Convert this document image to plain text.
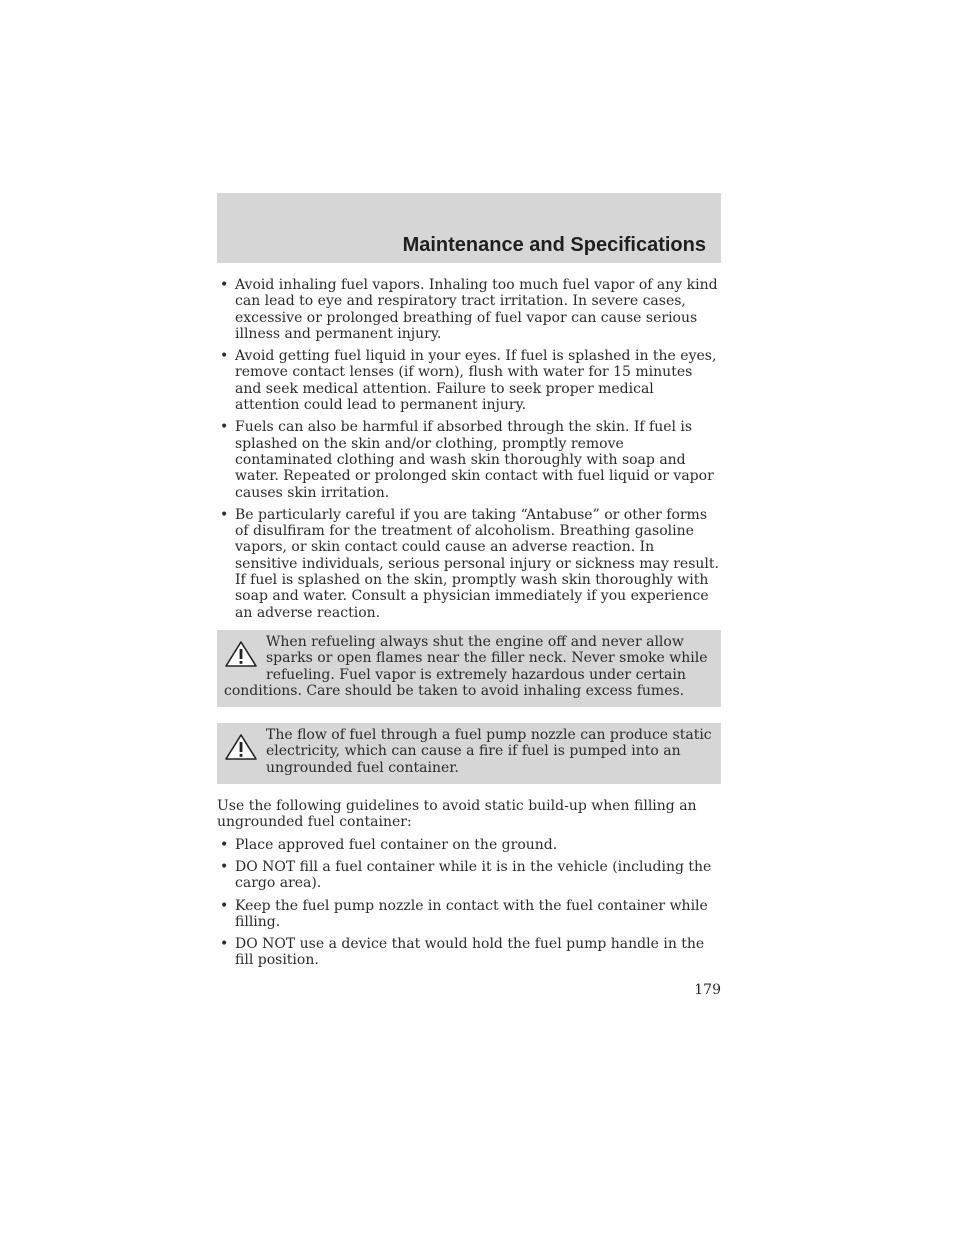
Maintenance and Specifications
• Avoid inhaling fuel vapors. Inhaling too much fuel vapor of any kind can lead to eye and respiratory tract irritation. In severe cases, excessive or prolonged breathing of fuel vapor can cause serious illness and permanent injury.
• Avoid getting fuel liquid in your eyes. If fuel is splashed in the eyes, remove contact lenses (if worn), flush with water for 15 minutes and seek medical attention. Failure to seek proper medical attention could lead to permanent injury.
• Fuels can also be harmful if absorbed through the skin. If fuel is splashed on the skin and/or clothing, promptly remove contaminated clothing and wash skin thoroughly with soap and water. Repeated or prolonged skin contact with fuel liquid or vapor causes skin irritation.
• Be particularly careful if you are taking “Antabuse” or other forms of disulfiram for the treatment of alcoholism. Breathing gasoline vapors, or skin contact could cause an adverse reaction. In sensitive individuals, serious personal injury or sickness may result. If fuel is splashed on the skin, promptly wash skin thoroughly with soap and water. Consult a physician immediately if you experience an adverse reaction.

When refueling always shut the engine off and never allow sparks or open flames near the filler neck. Never smoke while refueling. Fuel vapor is extremely hazardous under certain conditions. Care should be taken to avoid inhaling excess fumes.

The flow of fuel through a fuel pump nozzle can produce static electricity, which can cause a fire if fuel is pumped into an ungrounded fuel container.

Use the following guidelines to avoid static build-up when filling an ungrounded fuel container:

• Place approved fuel container on the ground.
• DO NOT fill a fuel container while it is in the vehicle (including the cargo area).
• Keep the fuel pump nozzle in contact with the fuel container while filling.
• DO NOT use a device that would hold the fuel pump handle in the fill position.

179
